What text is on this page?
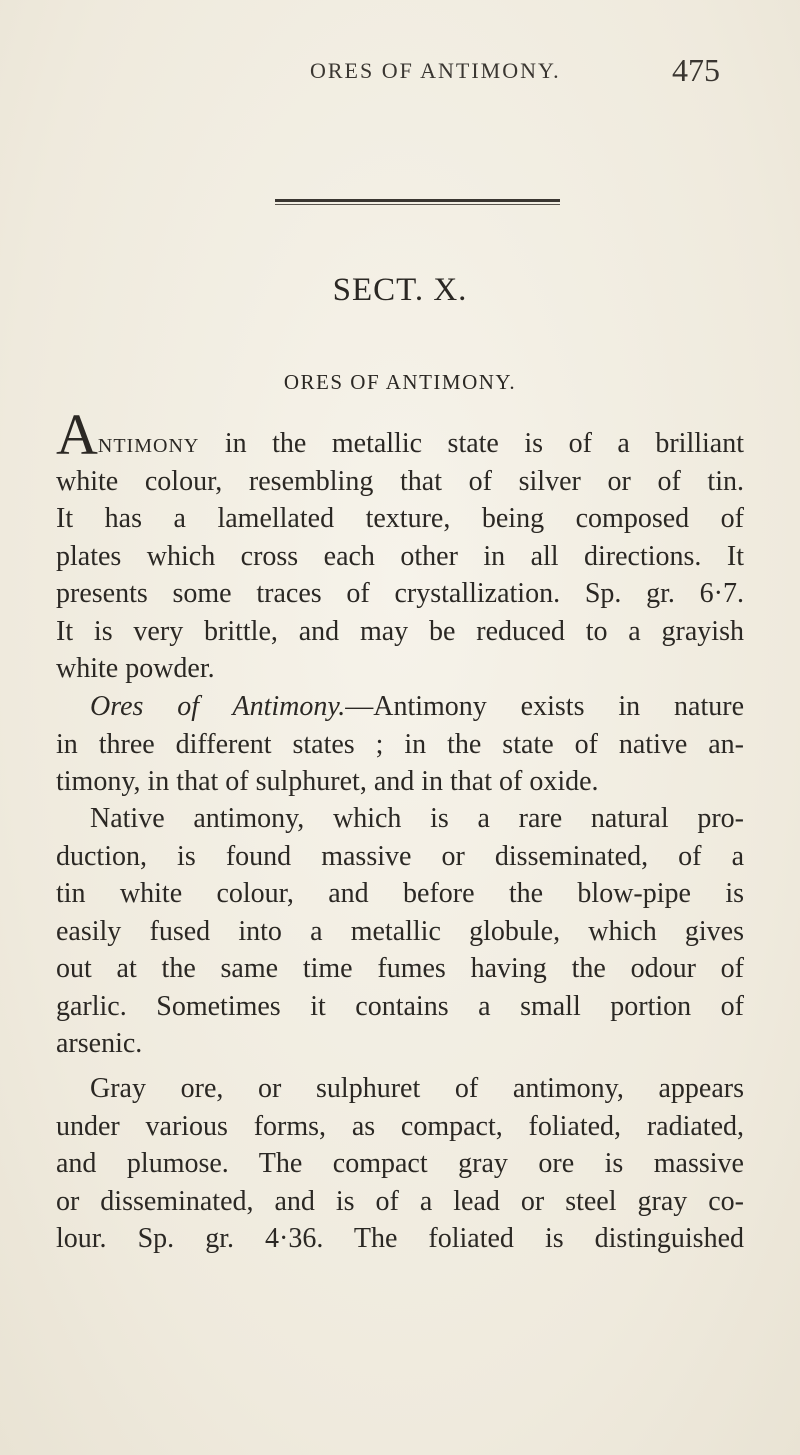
ORES OF ANTIMONY.	475
SECT. X.
ORES OF ANTIMONY.
Antimony in the metallic state is of a brilliant
white colour, resembling that of silver or of tin.
It has a lamellated texture, being composed of
plates which cross each other in all directions. It
presents some traces of crystallization. Sp. gr. 6·7.
It is very brittle, and may be reduced to a grayish
white powder.
Ores of Antimony.—Antimony exists in nature
in three different states ; in the state of native an-
timony, in that of sulphuret, and in that of oxide.
Native antimony, which is a rare natural pro-
duction, is found massive or disseminated, of a
tin white colour, and before the blow-pipe is
easily fused into a metallic globule, which gives
out at the same time fumes having the odour of
garlic. Sometimes it contains a small portion of
arsenic.
Gray ore, or sulphuret of antimony, appears
under various forms, as compact, foliated, radiated,
and plumose. The compact gray ore is massive
or disseminated, and is of a lead or steel gray co-
lour. Sp. gr. 4·36. The foliated is distinguished
